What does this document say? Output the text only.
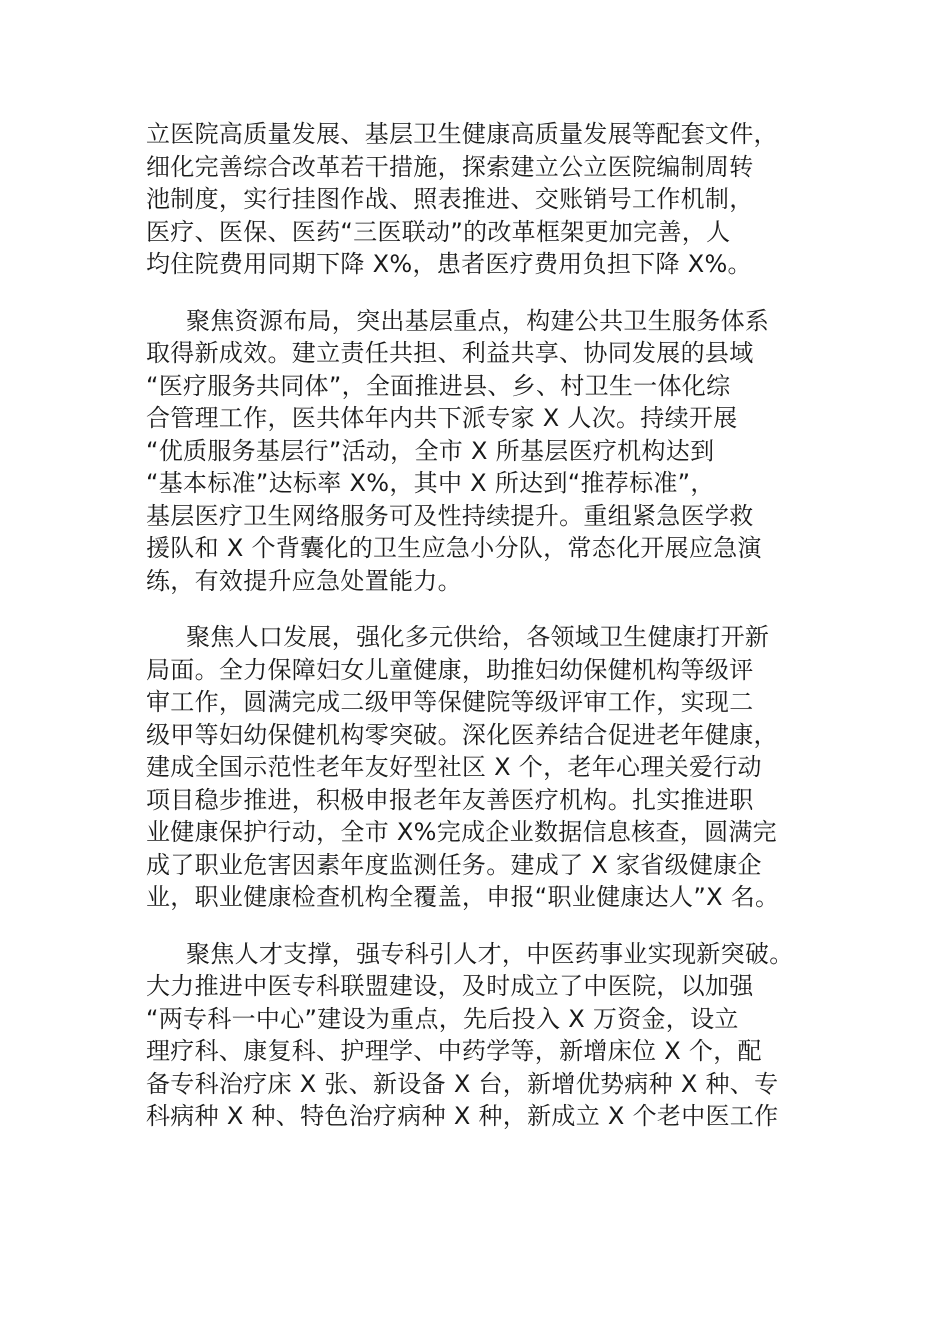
立医院高质量发展、基层卫生健康高质量发展等配套文件，
细化完善综合改革若干措施，探索建立公立医院编制周转
池制度，实行挂图作战、照表推进、交账销号工作机制，
医疗、医保、医药“三医联动”的改革框架更加完善，人
均住院费用同期下降 X%，患者医疗费用负担下降 X%。

聚焦资源布局，突出基层重点，构建公共卫生服务体系
取得新成效。建立责任共担、利益共享、协同发展的县域
“医疗服务共同体”，全面推进县、乡、村卫生一体化综
合管理工作，医共体年内共下派专家 X 人次。持续开展
“优质服务基层行”活动，全市 X 所基层医疗机构达到
“基本标准”达标率 X%，其中 X 所达到“推荐标准”，
基层医疗卫生网络服务可及性持续提升。重组紧急医学救
援队和 X 个背囊化的卫生应急小分队，常态化开展应急演
练，有效提升应急处置能力。

聚焦人口发展，强化多元供给，各领域卫生健康打开新
局面。全力保障妇女儿童健康，助推妇幼保健机构等级评
审工作，圆满完成二级甲等保健院等级评审工作，实现二
级甲等妇幼保健机构零突破。深化医养结合促进老年健康，
建成全国示范性老年友好型社区 X 个，老年心理关爱行动
项目稳步推进，积极申报老年友善医疗机构。扎实推进职
业健康保护行动，全市 X%完成企业数据信息核查，圆满完
成了职业危害因素年度监测任务。建成了 X 家省级健康企
业，职业健康检查机构全覆盖，申报“职业健康达人”X 名。

聚焦人才支撑，强专科引人才，中医药事业实现新突破。
大力推进中医专科联盟建设，及时成立了中医院，以加强
“两专科一中心”建设为重点，先后投入 X 万资金，设立
理疗科、康复科、护理学、中药学等，新增床位 X 个，配
备专科治疗床 X 张、新设备 X 台，新增优势病种 X 种、专
科病种 X 种、特色治疗病种 X 种，新成立 X 个老中医工作
